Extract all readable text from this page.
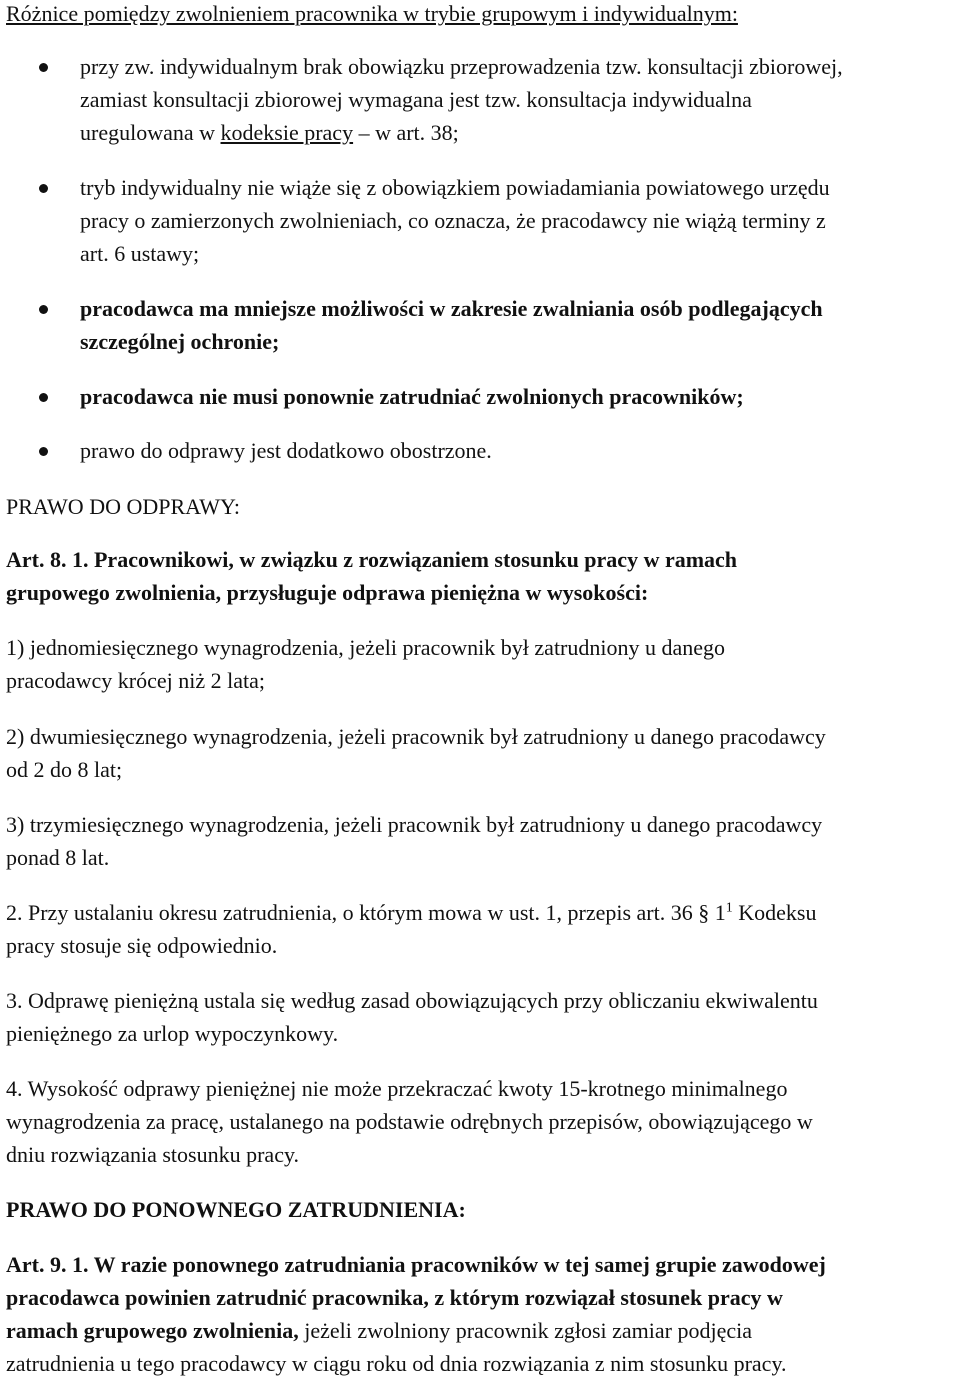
Różnice pomiędzy zwolnieniem pracownika w trybie grupowym i indywidualnym:
przy zw. indywidualnym brak obowiązku przeprowadzenia tzw. konsultacji zbiorowej,
zamiast konsultacji zbiorowej wymagana jest tzw. konsultacja indywidualna
uregulowana w kodeksie pracy – w art. 38;
tryb indywidualny nie wiąże się z obowiązkiem powiadamiania powiatowego urzędu
pracy o zamierzonych zwolnieniach, co oznacza, że pracodawcy nie wiążą terminy z
art. 6 ustawy;
pracodawca ma mniejsze możliwości w zakresie zwalniania osób podlegających
szczególnej ochronie;
pracodawca nie musi ponownie zatrudniać zwolnionych pracowników;
prawo do odprawy jest dodatkowo obostrzone.
PRAWO DO ODPRAWY:
Art. 8. 1. Pracownikowi, w związku z rozwiązaniem stosunku pracy w ramach
grupowego zwolnienia, przysługuje odprawa pieniężna w wysokości:
1) jednomiesięcznego wynagrodzenia, jeżeli pracownik był zatrudniony u danego
pracodawcy krócej niż 2 lata;
2) dwumiesięcznego wynagrodzenia, jeżeli pracownik był zatrudniony u danego pracodawcy
od 2 do 8 lat;
3) trzymiesięcznego wynagrodzenia, jeżeli pracownik był zatrudniony u danego pracodawcy
ponad 8 lat.
2. Przy ustalaniu okresu zatrudnienia, o którym mowa w ust. 1, przepis art. 36 § $1^1$ Kodeksu
pracy stosuje się odpowiednio.
3. Odprawę pieniężną ustala się według zasad obowiązujących przy obliczaniu ekwiwalentu
pieniężnego za urlop wypoczynkowy.
4. Wysokość odprawy pieniężnej nie może przekraczać kwoty 15-krotnego minimalnego
wynagrodzenia za pracę, ustalanego na podstawie odrębnych przepisów, obowiązującego w
dniu rozwiązania stosunku pracy.
PRAWO DO PONOWNEGO ZATRUDNIENIA:
Art. 9. 1. W razie ponownego zatrudniania pracowników w tej samej grupie zawodowej
pracodawca powinien zatrudnić pracownika, z którym rozwiązał stosunek pracy w
ramach grupowego zwolnienia, jeżeli zwolniony pracownik zgłosi zamiar podjęcia
zatrudnienia u tego pracodawcy w ciągu roku od dnia rozwiązania z nim stosunku pracy.
